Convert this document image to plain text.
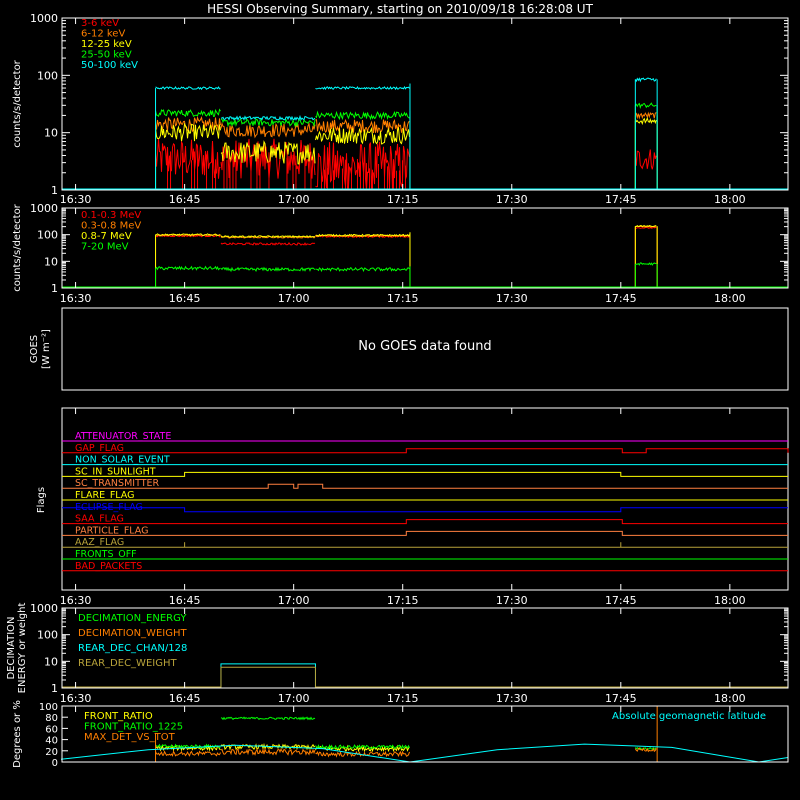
HESSI Observing Summary, starting on 2010/09/18 16:28:08 UT
1
10
100
1000
16:30	16:45	17:00	17:15	17:30	17:45	18:00
counts/s/detector
3-6 keV
6-12 keV
12-25 keV
25-50 keV
50-100 keV
1
10
100
1000
16:30	16:45	17:00	17:15	17:30	17:45	18:00
counts/s/detector	0.1-0.3 MeV
0.3-0.8 MeV
0.8-7 MeV
7-20 MeV
No GOES data found
GOES [W m⁻²]
ATTENUATOR_STATE
GAP_FLAG
NON_SOLAR_EVENT
SC_IN_SUNLIGHT
SC_TRANSMITTER
FLARE_FLAG
ECLIPSE_FLAG
SAA_FLAG
PARTICLE_FLAG
AAZ_FLAG
FRONTS_OFF
BAD_PACKETS
16:30	16:45	17:00	17:15	17:30	17:45	18:00
Flags
1
10
100
1000
16:30	16:45	17:00	17:15	17:30	17:45	18:00
DECIMATION ENERGY or weight	DECIMATION_ENERGY
DECIMATION_WEIGHT
REAR_DEC_CHAN/128
REAR_DEC_WEIGHT
0
20
40
60
80
100
Degrees or %	FRONT_RATIO
FRONT_RATIO_1225
MAX_DET_VS_TOT
Absolute geomagnetic latitude
